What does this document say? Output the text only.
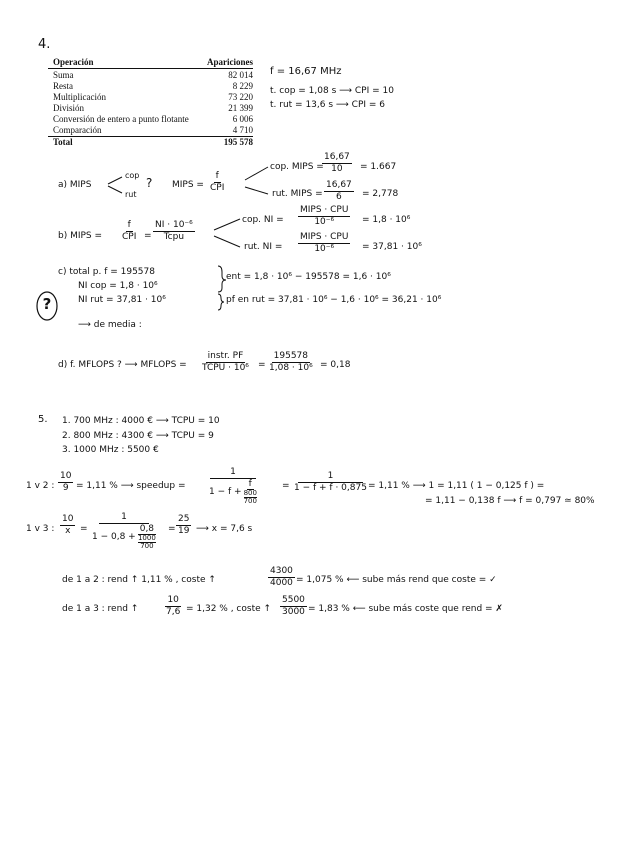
4.
Operación	Apariciones
Suma	82 014
Resta	8 229
Multiplicación	73 220
División	21 399
Conversión de entero a punto flotante	6 006
Comparación	4 710
Total	195 578
f = 16,67 MHz
t. cop = 1,08 s ⟶ CPI = 10
t. rut = 13,6 s ⟶ CPI = 6
a) MIPS
cop
rut
? MIPS =
f
CPI
cop. MIPS =
$\frac{16,67}{10} = 1.667$
rut. MIPS = $\frac{16,67}{6} = 2,778$
b) MIPS =
f
CPI =
NI · 10⁻⁶
Tcpu
cop. NI =
MIPS · CPU
10⁻⁶	= 1,8 · 10⁶
rut. NI =
MIPS · CPU
10⁻⁶	= 37,81 · 10⁶
c) total p. f = 195578
NI cop = 1,8 · 10⁶
NI rut = 37,81 · 10⁶
ent = 1,8 · 10⁶ − 195578 = 1,6 · 10⁶
pf en rut = 37,81 · 10⁶ − 1,6 · 10⁶ = 36,21 · 10⁶
?
⟶ de media :
d) f. MFLOPS ? ⟶ MFLOPS =
instr. PF
TCPU · $10^6 = \frac{195578}{\text{1,08 · 10⁶}} = 0,18$
5. 1. 700 MHz : 4000 € ⟶ TCPU = 10
2. 800 MHz : 4300 € ⟶ TCPU = 9
3. 1000 MHz : 5500 €
1 v 2 : $\frac{10}{9} = 1,11$ % ⟶ speedup = 1
1 − f +
f
800
700	= $\frac{1}{1 - f + f \cdot 0,875} = 1,11$ % ⟶ 1 = 1,11 ( 1 − 0,125 f ) =
= 1,11 − 0,138 f ⟶ f = 0,797 ≃ 80%
1 v 3 : $\frac{10}{x} = 1$
1 − 0,8 +
0,8
1000
$700 = \frac{25}{19}$ ⟶ x = 7,6 s
de 1 a 2 : rend ↑ 1,11 % , coste ↑	$\frac{4300}{4000} = 1,075$ % ⟵ sube más rend que coste = ✓
de 1 a 3 : rend ↑	$\frac{10}{7,6} = 1,32$ % , coste ↑ $\frac{5500}{3000} = 1,83$ % ⟵ sube más coste que rend = ✗
